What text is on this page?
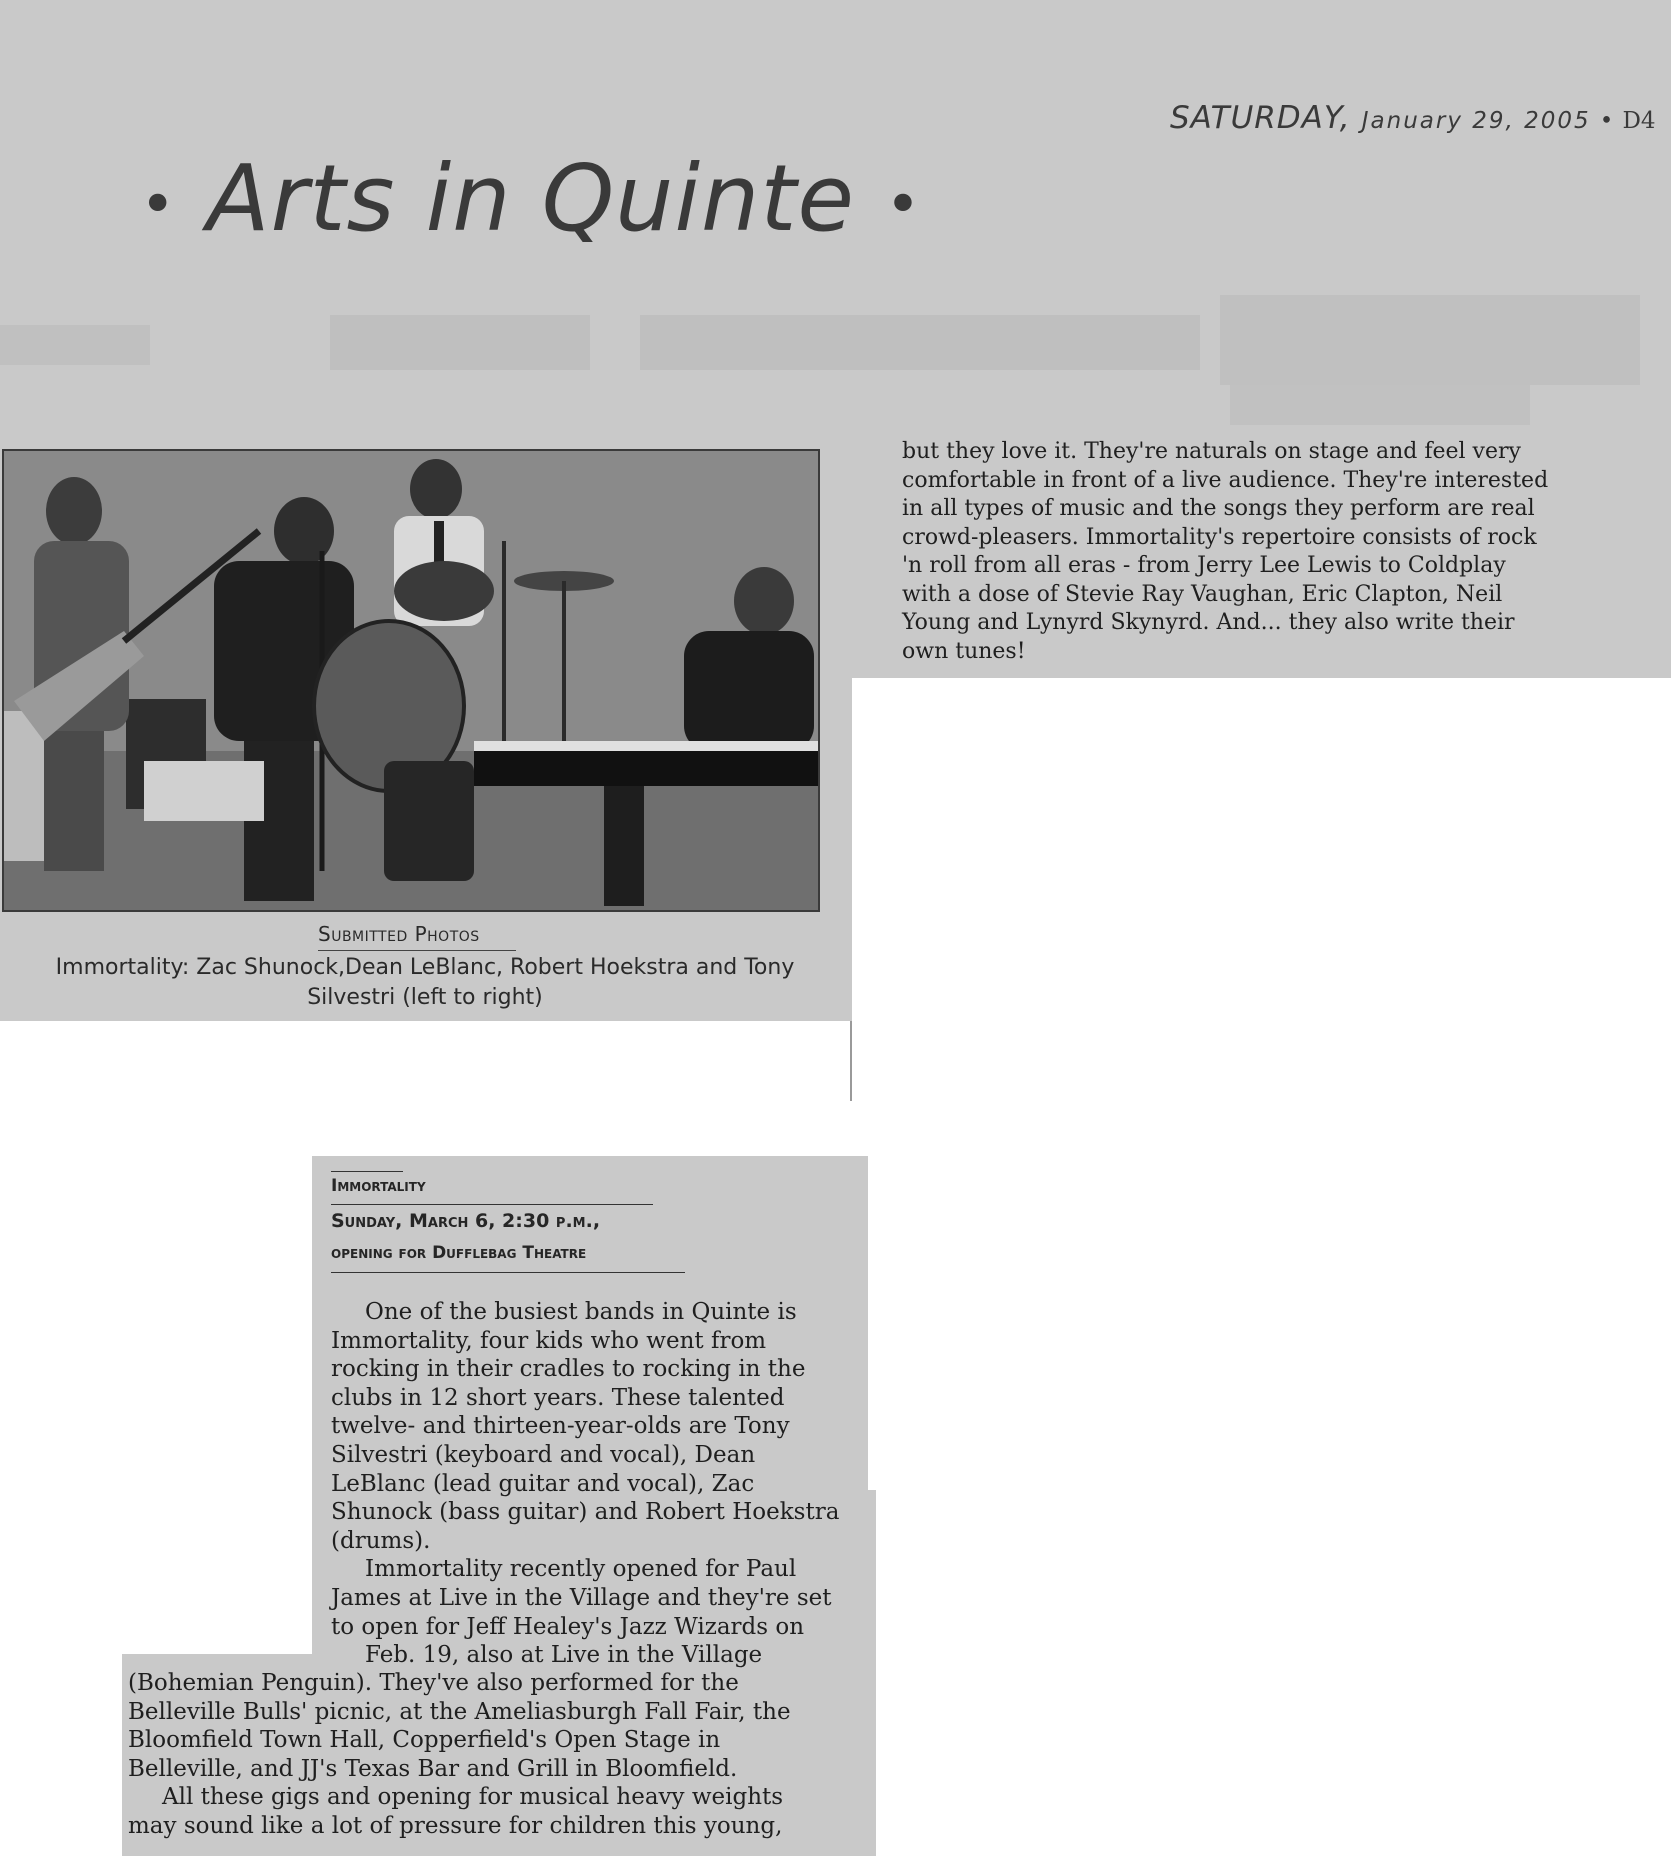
SATURDAY, January 29, 2005 • D4
• Arts in Quinte •
Submitted Photos
Immortality: Zac Shunock,Dean LeBlanc, Robert Hoekstra and Tony Silvestri (left to right)
but they love it. They're naturals on stage and feel very
comfortable in front of a live audience. They're interested
in all types of music and the songs they perform are real
crowd-pleasers. Immortality's repertoire consists of rock
'n roll from all eras - from Jerry Lee Lewis to Coldplay
with a dose of Stevie Ray Vaughan, Eric Clapton, Neil
Young and Lynyrd Skynyrd. And... they also write their
own tunes!
Immortality
Sunday, March 6, 2:30 p.m.,
opening for Dufflebag Theatre
One of the busiest bands in Quinte is
Immortality, four kids who went from
rocking in their cradles to rocking in the
clubs in 12 short years. These talented
twelve- and thirteen-year-olds are Tony
Silvestri (keyboard and vocal), Dean
LeBlanc (lead guitar and vocal), Zac
Shunock (bass guitar) and Robert Hoekstra
(drums).
Immortality recently opened for Paul
James at Live in the Village and they're set
to open for Jeff Healey's Jazz Wizards on
Feb. 19, also at Live in the Village
(Bohemian Penguin). They've also performed for the
Belleville Bulls' picnic, at the Ameliasburgh Fall Fair, the
Bloomfield Town Hall, Copperfield's Open Stage in
Belleville, and JJ's Texas Bar and Grill in Bloomfield.
All these gigs and opening for musical heavy weights
may sound like a lot of pressure for children this young,
